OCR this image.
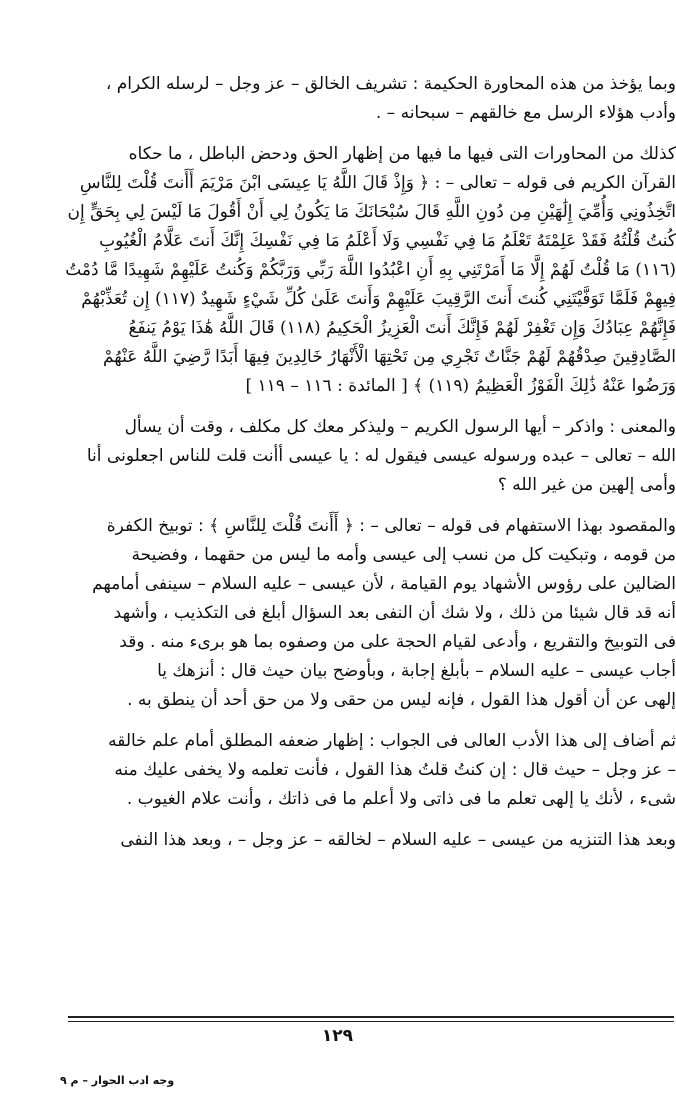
وبما يؤخذ من هذه المحاورة الحكيمة : تشريف الخالق – عز وجل – لرسله الكرام ،
وأدب هؤلاء الرسل مع خالقهم – سبحانه – .
كذلك من المحاورات التى فيها ما فيها من إظهار الحق ودحض الباطل ، ما حكاه
القرآن الكريم فى قوله – تعالى – : ﴿ وَإِذْ قَالَ اللَّهُ يَا عِيسَى ابْنَ مَرْيَمَ أَأَنتَ قُلْتَ لِلنَّاسِ
اتَّخِذُونِي وَأُمِّيَ إِلَٰهَيْنِ مِن دُونِ اللَّهِ قَالَ سُبْحَانَكَ مَا يَكُونُ لِي أَنْ أَقُولَ مَا لَيْسَ لِي بِحَقٍّ إِن
كُنتُ قُلْتُهُ فَقَدْ عَلِمْتَهُ تَعْلَمُ مَا فِي نَفْسِي وَلَا أَعْلَمُ مَا فِي نَفْسِكَ إِنَّكَ أَنتَ عَلَّامُ الْغُيُوبِ
(١١٦) مَا قُلْتُ لَهُمْ إِلَّا مَا أَمَرْتَنِي بِهِ أَنِ اعْبُدُوا اللَّهَ رَبِّي وَرَبَّكُمْ وَكُنتُ عَلَيْهِمْ شَهِيدًا مَّا دُمْتُ
فِيهِمْ فَلَمَّا تَوَفَّيْتَنِي كُنتَ أَنتَ الرَّقِيبَ عَلَيْهِمْ وَأَنتَ عَلَىٰ كُلِّ شَيْءٍ شَهِيدٌ (١١٧) إِن تُعَذِّبْهُمْ
فَإِنَّهُمْ عِبَادُكَ وَإِن تَغْفِرْ لَهُمْ فَإِنَّكَ أَنتَ الْعَزِيزُ الْحَكِيمُ (١١٨) قَالَ اللَّهُ هَٰذَا يَوْمُ يَنفَعُ
الصَّادِقِينَ صِدْقُهُمْ لَهُمْ جَنَّاتٌ تَجْرِي مِن تَحْتِهَا الْأَنْهَارُ خَالِدِينَ فِيهَا أَبَدًا رَّضِيَ اللَّهُ عَنْهُمْ
وَرَضُوا عَنْهُ ذَٰلِكَ الْفَوْزُ الْعَظِيمُ (١١٩) ﴾ [ المائدة : ١١٦ – ١١٩ ]
والمعنى : واذكر – أيها الرسول الكريم – وليذكر معك كل مكلف ، وقت أن يسأل
الله – تعالى – عبده ورسوله عيسى فيقول له : يا عيسى أأنت قلت للناس اجعلونى أنا
وأمى إلهين من غير الله ؟
والمقصود بهذا الاستفهام فى قوله – تعالى – : ﴿ أَأَنتَ قُلْتَ لِلنَّاسِ ﴾ : توبيخ الكفرة
من قومه ، وتبكيت كل من نسب إلى عيسى وأمه ما ليس من حقهما ، وفضيحة
الضالين على رؤوس الأشهاد يوم القيامة ، لأن عيسى – عليه السلام – سينفى أمامهم
أنه قد قال شيئا من ذلك ، ولا شك أن النفى بعد السؤال أبلغ فى التكذيب ، وأشهد
فى التوبيخ والتقريع ، وأدعى لقيام الحجة على من وصفوه بما هو برىء منه . وقد
أجاب عيسى – عليه السلام – بأبلغ إجابة ، وبأوضح بيان حيث قال : أنزهك يا
إلهى عن أن أقول هذا القول ، فإنه ليس من حقى ولا من حق أحد أن ينطق به .
ثم أضاف إلى هذا الأدب العالى فى الجواب : إظهار ضعفه المطلق أمام علم خالقه
– عز وجل – حيث قال : إن كنتُ قلتُ هذا القول ، فأنت تعلمه ولا يخفى عليك منه
شىء ، لأنك يا إلهى تعلم ما فى ذاتى ولا أعلم ما فى ذاتك ، وأنت علام الغيوب .
وبعد هذا التنزيه من عيسى – عليه السلام – لخالقه – عز وجل – ، وبعد هذا النفى
١٢٩
وجه ادب الحوار – م ٩
